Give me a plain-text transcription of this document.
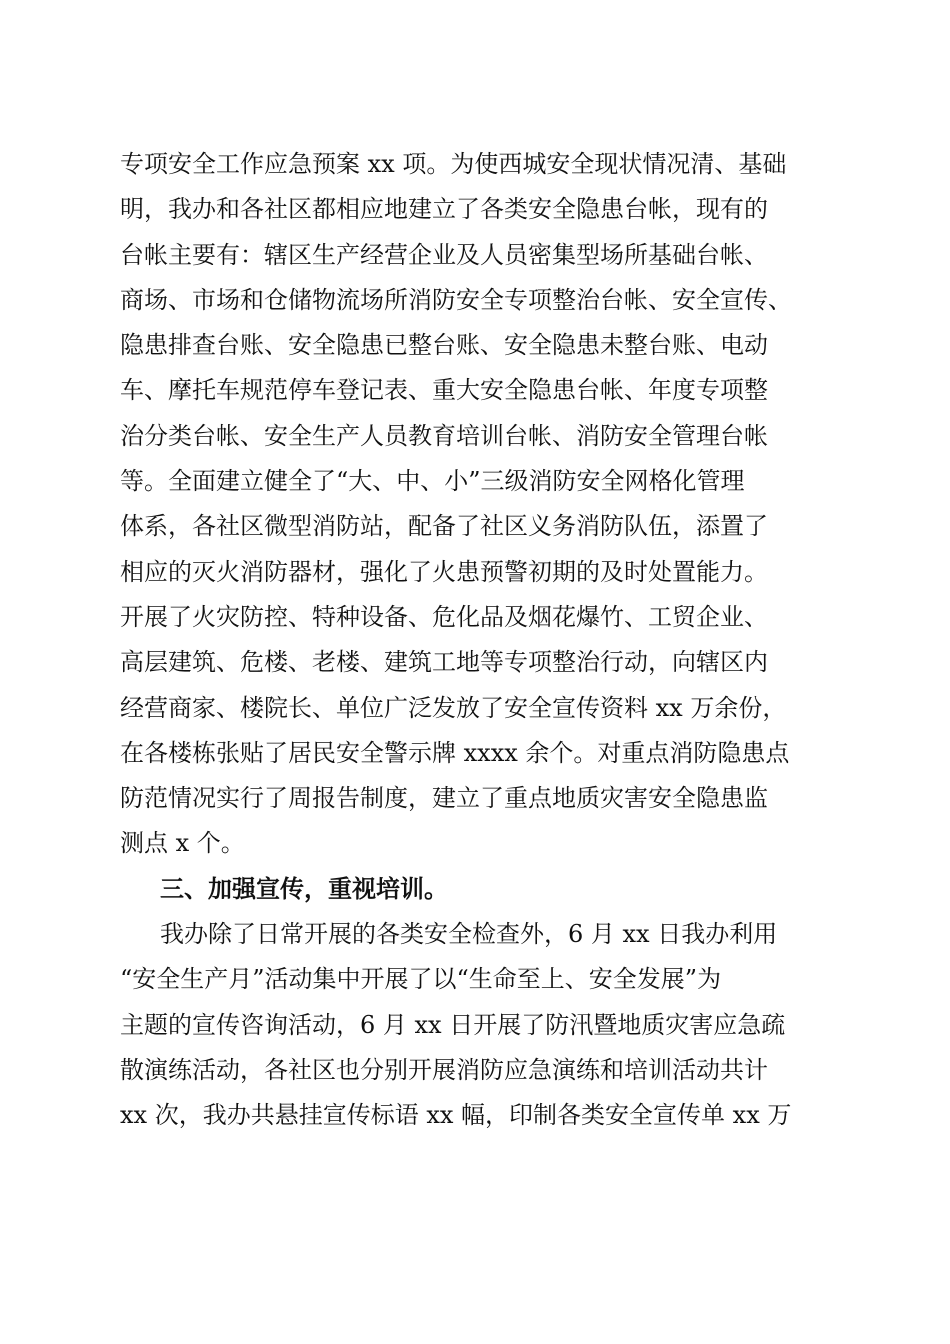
专项安全工作应急预案 xx 项。为使西城安全现状情况清、基础
明，我办和各社区都相应地建立了各类安全隐患台帐，现有的
台帐主要有：辖区生产经营企业及人员密集型场所基础台帐、
商场、市场和仓储物流场所消防安全专项整治台帐、安全宣传、
隐患排查台账、安全隐患已整台账、安全隐患未整台账、电动
车、摩托车规范停车登记表、重大安全隐患台帐、年度专项整
治分类台帐、安全生产人员教育培训台帐、消防安全管理台帐
等。全面建立健全了“大、中、小”三级消防安全网格化管理
体系，各社区微型消防站，配备了社区义务消防队伍，添置了
相应的灭火消防器材，强化了火患预警初期的及时处置能力。
开展了火灾防控、特种设备、危化品及烟花爆竹、工贸企业、
高层建筑、危楼、老楼、建筑工地等专项整治行动，向辖区内
经营商家、楼院长、单位广泛发放了安全宣传资料 xx 万余份，
在各楼栋张贴了居民安全警示牌 xxxx 余个。对重点消防隐患点
防范情况实行了周报告制度，建立了重点地质灾害安全隐患监
测点 x 个。
三、加强宣传，重视培训。
我办除了日常开展的各类安全检查外，6 月 xx 日我办利用
“安全生产月”活动集中开展了以“生命至上、安全发展”为
主题的宣传咨询活动，6 月 xx 日开展了防汛暨地质灾害应急疏
散演练活动，各社区也分别开展消防应急演练和培训活动共计
xx 次，我办共悬挂宣传标语 xx 幅，印制各类安全宣传单 xx 万
